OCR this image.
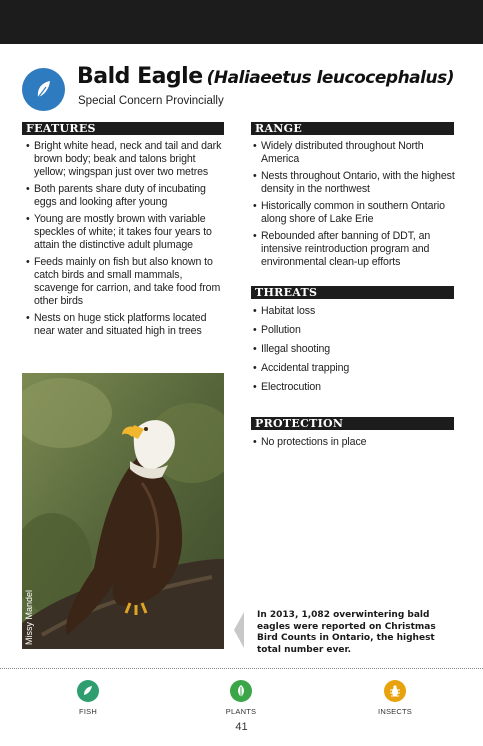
Bald Eagle (Haliaeetus leucocephalus)
Special Concern Provincially
FEATURES
• Bright white head, neck and tail and dark brown body; beak and talons bright yellow; wingspan just over two metres
• Both parents share duty of incubating eggs and looking after young
• Young are mostly brown with variable speckles of white; it takes four years to attain the distinctive adult plumage
• Feeds mainly on fish but also known to catch birds and small mammals, scavenge for carrion, and take food from other birds
• Nests on huge stick platforms located near water and situated high in trees
RANGE
• Widely distributed throughout North America
• Nests throughout Ontario, with the highest density in the northwest
• Historically common in southern Ontario along shore of Lake Erie
• Rebounded after banning of DDT, an intensive reintroduction program and environmental clean-up efforts
THREATS
• Habitat loss
• Pollution
• Illegal shooting
• Accidental trapping
• Electrocution
PROTECTION
• No protections in place
Missy Mandel	In 2013, 1,082 overwintering bald eagles were reported on Christmas Bird Counts in Ontario, the highest total number ever.
FISH	PLANTS	INSECTS
41
